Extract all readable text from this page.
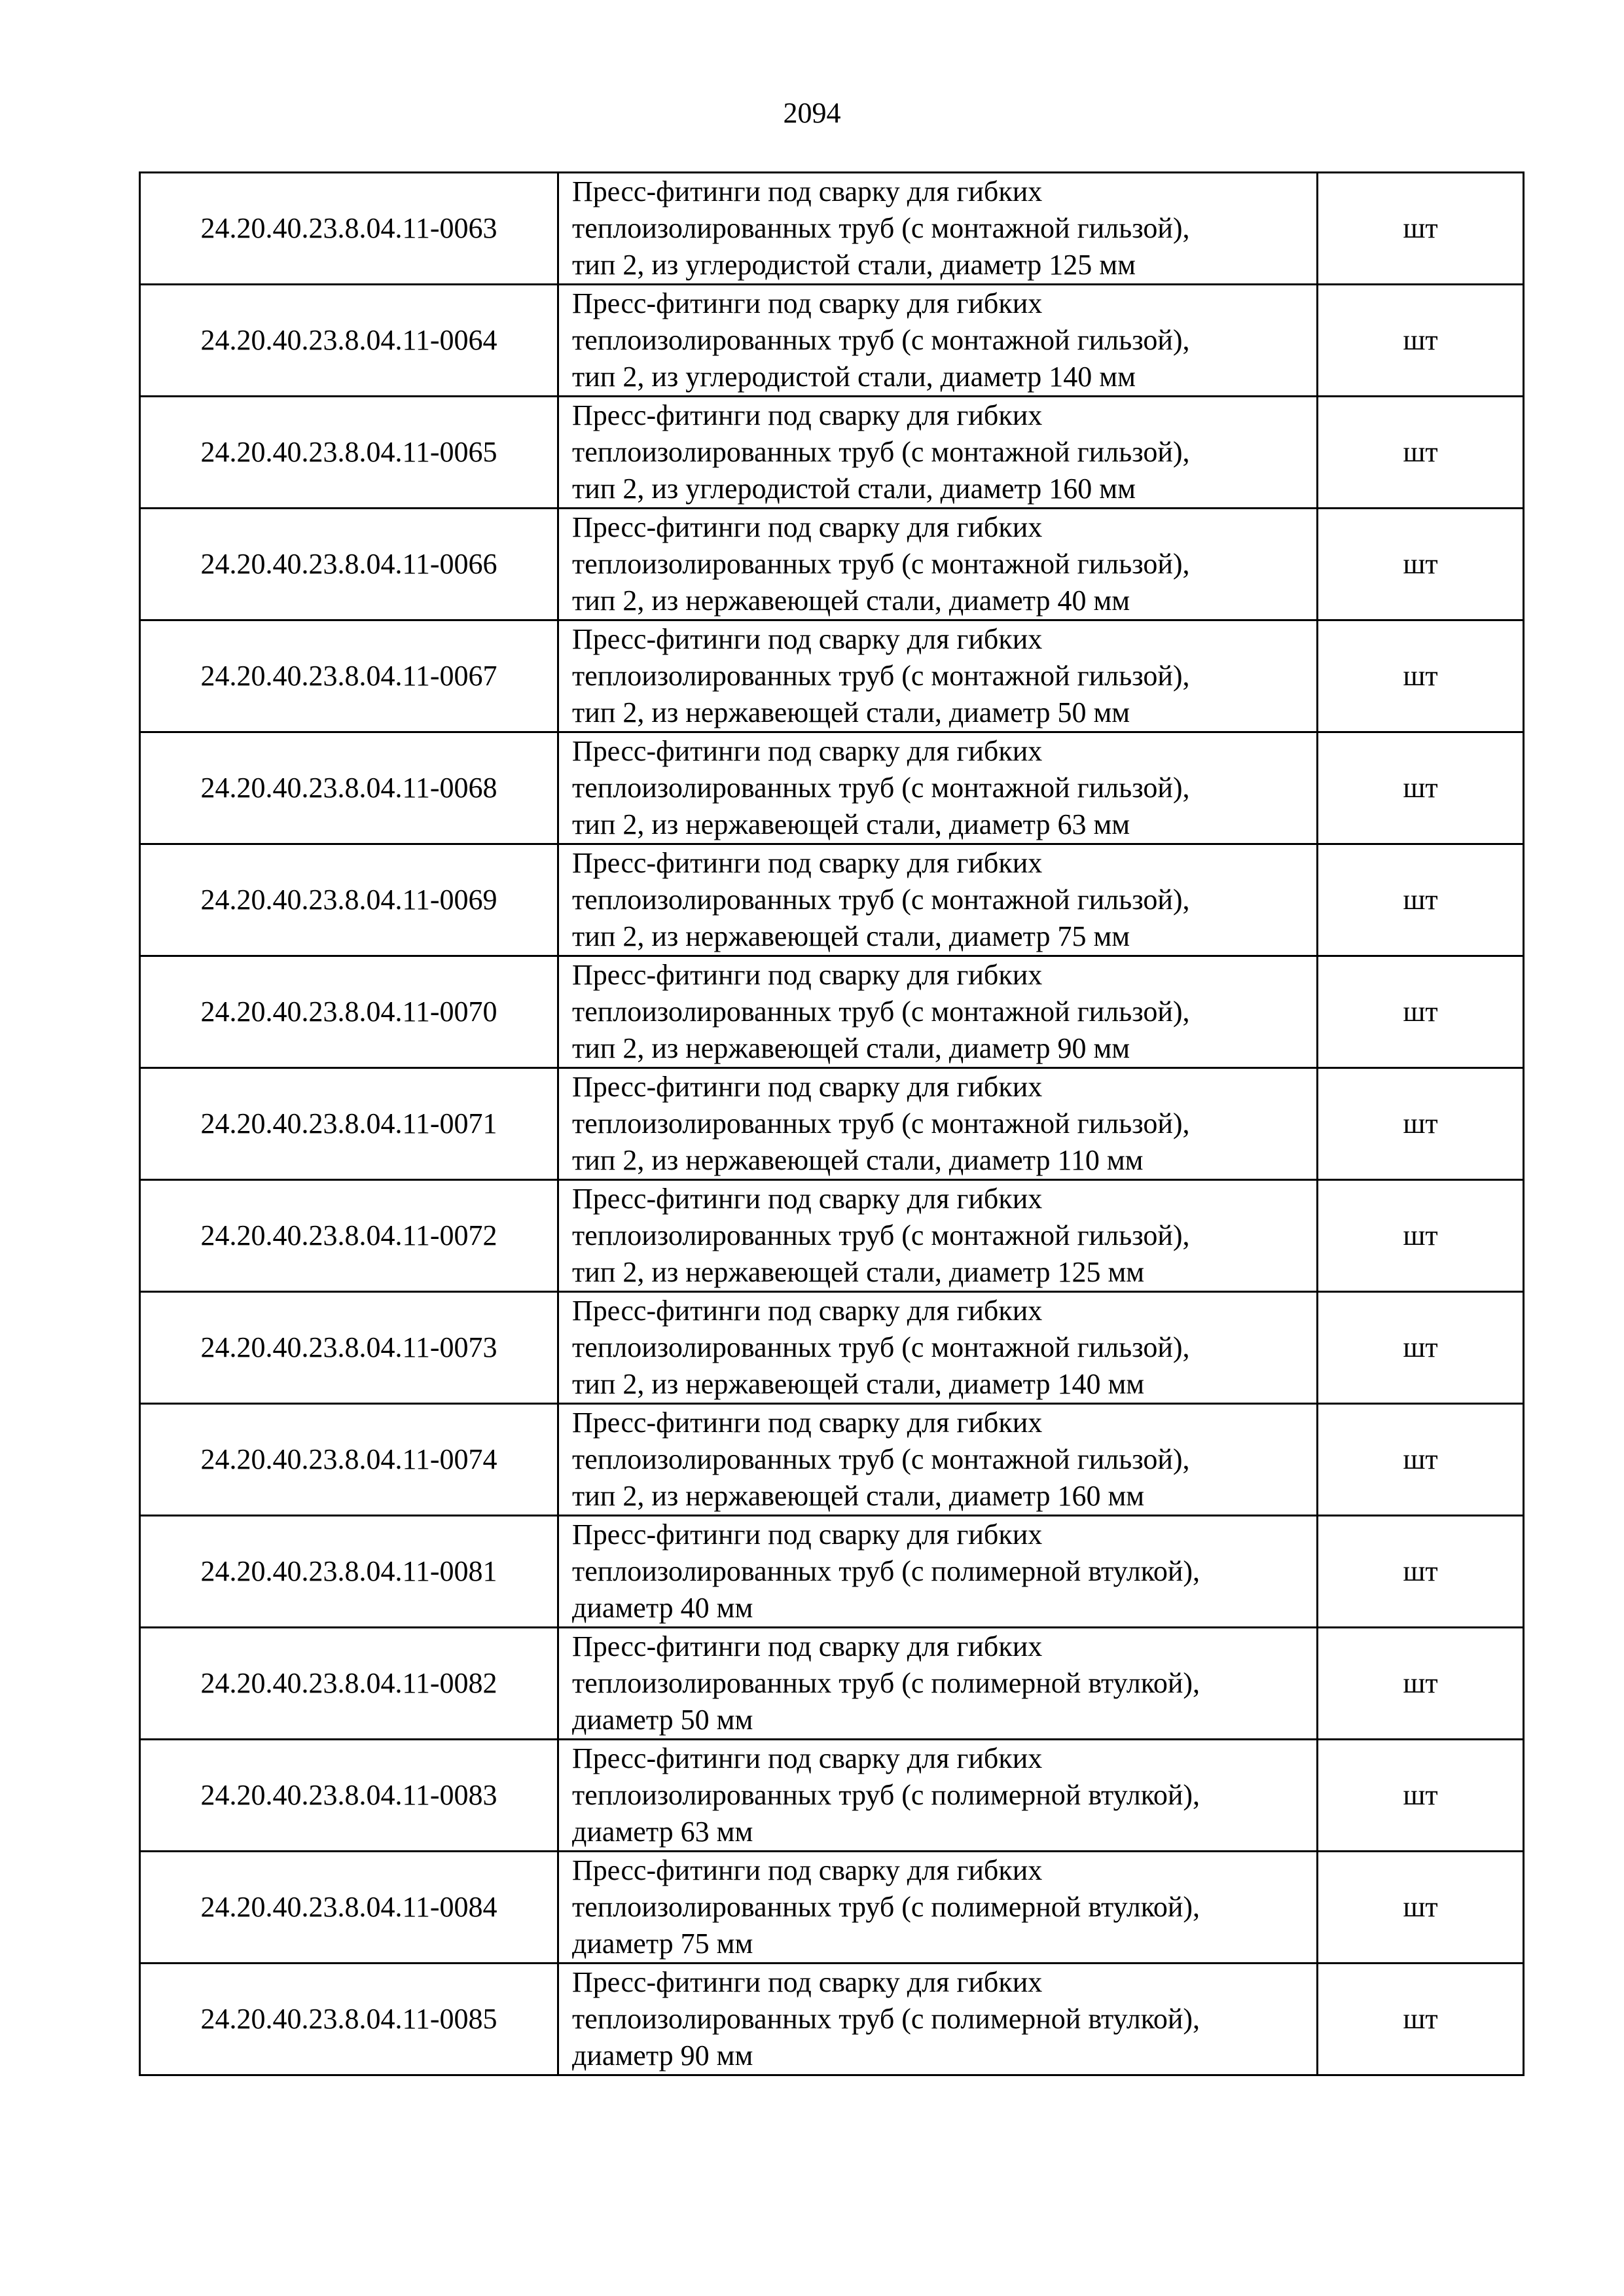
2094
24.20.40.23.8.04.11-0063	Пресс-фитинги под сварку для гибких
теплоизолированных труб (с монтажной гильзой),
тип 2, из углеродистой стали, диаметр 125 мм	шт
24.20.40.23.8.04.11-0064	Пресс-фитинги под сварку для гибких
теплоизолированных труб (с монтажной гильзой),
тип 2, из углеродистой стали, диаметр 140 мм	шт
24.20.40.23.8.04.11-0065	Пресс-фитинги под сварку для гибких
теплоизолированных труб (с монтажной гильзой),
тип 2, из углеродистой стали, диаметр 160 мм	шт
24.20.40.23.8.04.11-0066	Пресс-фитинги под сварку для гибких
теплоизолированных труб (с монтажной гильзой),
тип 2, из нержавеющей стали, диаметр 40 мм	шт
24.20.40.23.8.04.11-0067	Пресс-фитинги под сварку для гибких
теплоизолированных труб (с монтажной гильзой),
тип 2, из нержавеющей стали, диаметр 50 мм	шт
24.20.40.23.8.04.11-0068	Пресс-фитинги под сварку для гибких
теплоизолированных труб (с монтажной гильзой),
тип 2, из нержавеющей стали, диаметр 63 мм	шт
24.20.40.23.8.04.11-0069	Пресс-фитинги под сварку для гибких
теплоизолированных труб (с монтажной гильзой),
тип 2, из нержавеющей стали, диаметр 75 мм	шт
24.20.40.23.8.04.11-0070	Пресс-фитинги под сварку для гибких
теплоизолированных труб (с монтажной гильзой),
тип 2, из нержавеющей стали, диаметр 90 мм	шт
24.20.40.23.8.04.11-0071	Пресс-фитинги под сварку для гибких
теплоизолированных труб (с монтажной гильзой),
тип 2, из нержавеющей стали, диаметр 110 мм	шт
24.20.40.23.8.04.11-0072	Пресс-фитинги под сварку для гибких
теплоизолированных труб (с монтажной гильзой),
тип 2, из нержавеющей стали, диаметр 125 мм	шт
24.20.40.23.8.04.11-0073	Пресс-фитинги под сварку для гибких
теплоизолированных труб (с монтажной гильзой),
тип 2, из нержавеющей стали, диаметр 140 мм	шт
24.20.40.23.8.04.11-0074	Пресс-фитинги под сварку для гибких
теплоизолированных труб (с монтажной гильзой),
тип 2, из нержавеющей стали, диаметр 160 мм	шт
24.20.40.23.8.04.11-0081	Пресс-фитинги под сварку для гибких
теплоизолированных труб (с полимерной втулкой),
диаметр 40 мм	шт
24.20.40.23.8.04.11-0082	Пресс-фитинги под сварку для гибких
теплоизолированных труб (с полимерной втулкой),
диаметр 50 мм	шт
24.20.40.23.8.04.11-0083	Пресс-фитинги под сварку для гибких
теплоизолированных труб (с полимерной втулкой),
диаметр 63 мм	шт
24.20.40.23.8.04.11-0084	Пресс-фитинги под сварку для гибких
теплоизолированных труб (с полимерной втулкой),
диаметр 75 мм	шт
24.20.40.23.8.04.11-0085	Пресс-фитинги под сварку для гибких
теплоизолированных труб (с полимерной втулкой),
диаметр 90 мм	шт
